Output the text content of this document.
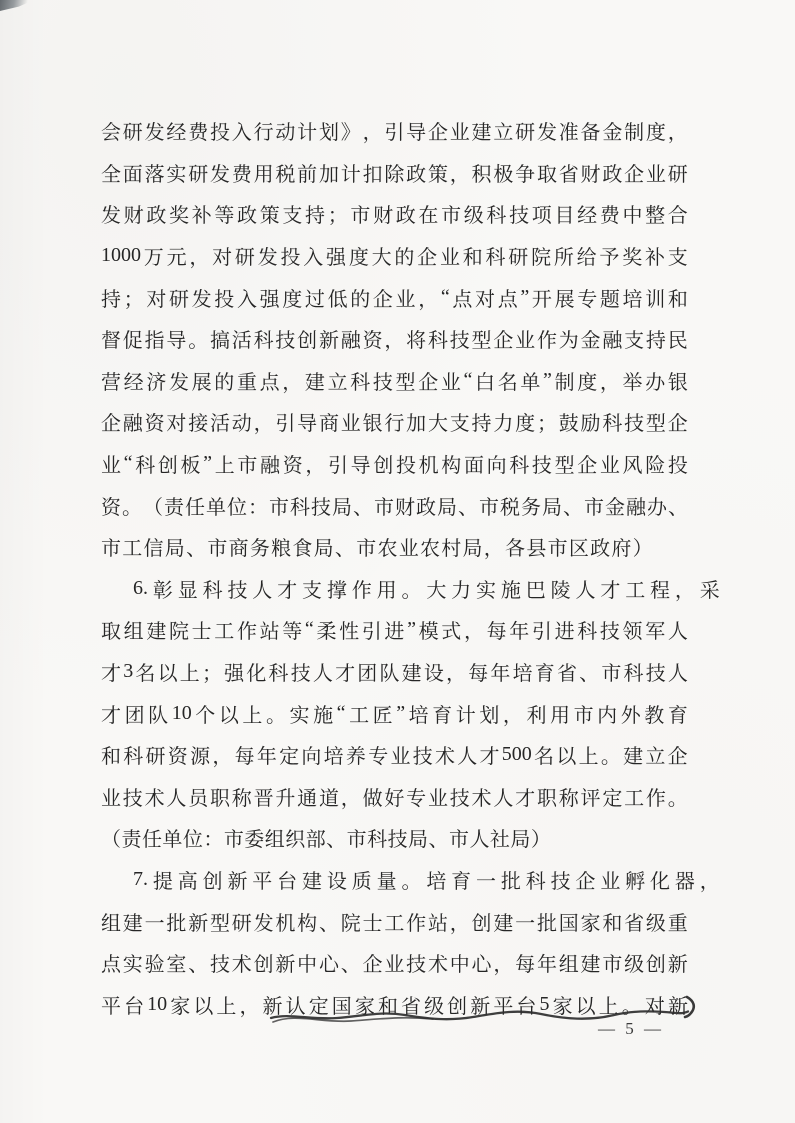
会 研 发 经 费 投 入 行 动 计 划 》 ， 引 导 企 业 建 立 研 发 准 备 金 制 度 ，
全 面 落 实 研 发 费 用 税 前 加 计 扣 除 政 策 ， 积 极 争 取 省 财 政 企 业 研
发 财 政 奖 补 等 政 策 支 持 ； 市 财 政 在 市 级 科 技 项 目 经 费 中 整 合
1000 万 元 ， 对 研 发 投 入 强 度 大 的 企 业 和 科 研 院 所 给 予 奖 补 支
持 ； 对 研 发 投 入 强 度 过 低 的 企 业 ， “ 点 对 点 ” 开 展 专 题 培 训 和
督 促 指 导 。 搞 活 科 技 创 新 融 资 ， 将 科 技 型 企 业 作 为 金 融 支 持 民
营 经 济 发 展 的 重 点 ， 建 立 科 技 型 企 业 “ 白 名 单 ” 制 度 ， 举 办 银
企 融 资 对 接 活 动 ， 引 导 商 业 银 行 加 大 支 持 力 度 ； 鼓 励 科 技 型 企
业 “ 科 创 板 ” 上 市 融 资 ， 引 导 创 投 机 构 面 向 科 技 型 企 业 风 险 投
资 。 （ 责 任 单 位 ： 市 科 技 局 、 市 财 政 局 、 市 税 务 局 、 市 金 融 办 、
市 工 信 局 、 市 商 务 粮 食 局 、 市 农 业 农 村 局 ， 各 县 市 区 政 府 ）
6. 彰 显 科 技 人 才 支 撑 作 用 。 大 力 实 施 巴 陵 人 才 工 程 ， 采
取 组 建 院 士 工 作 站 等 “ 柔 性 引 进 ” 模 式 ， 每 年 引 进 科 技 领 军 人
才 3 名 以 上 ； 强 化 科 技 人 才 团 队 建 设 ， 每 年 培 育 省 、 市 科 技 人
才 团 队 10 个 以 上 。 实 施 “ 工 匠 ” 培 育 计 划 ， 利 用 市 内 外 教 育
和 科 研 资 源 ， 每 年 定 向 培 养 专 业 技 术 人 才 500 名 以 上 。 建 立 企
业 技 术 人 员 职 称 晋 升 通 道 ， 做 好 专 业 技 术 人 才 职 称 评 定 工 作 。
（ 责 任 单 位 ： 市 委 组 织 部 、 市 科 技 局 、 市 人 社 局 ）
7. 提 高 创 新 平 台 建 设 质 量 。 培 育 一 批 科 技 企 业 孵 化 器 ，
组 建 一 批 新 型 研 发 机 构 、 院 士 工 作 站 ， 创 建 一 批 国 家 和 省 级 重
点 实 验 室 、 技 术 创 新 中 心 、 企 业 技 术 中 心 ， 每 年 组 建 市 级 创 新
平 台 10 家 以 上 ， 新 认 定 国 家 和 省 级 创 新 平 台 5 家 以 上 。 对 新
— 5 —
